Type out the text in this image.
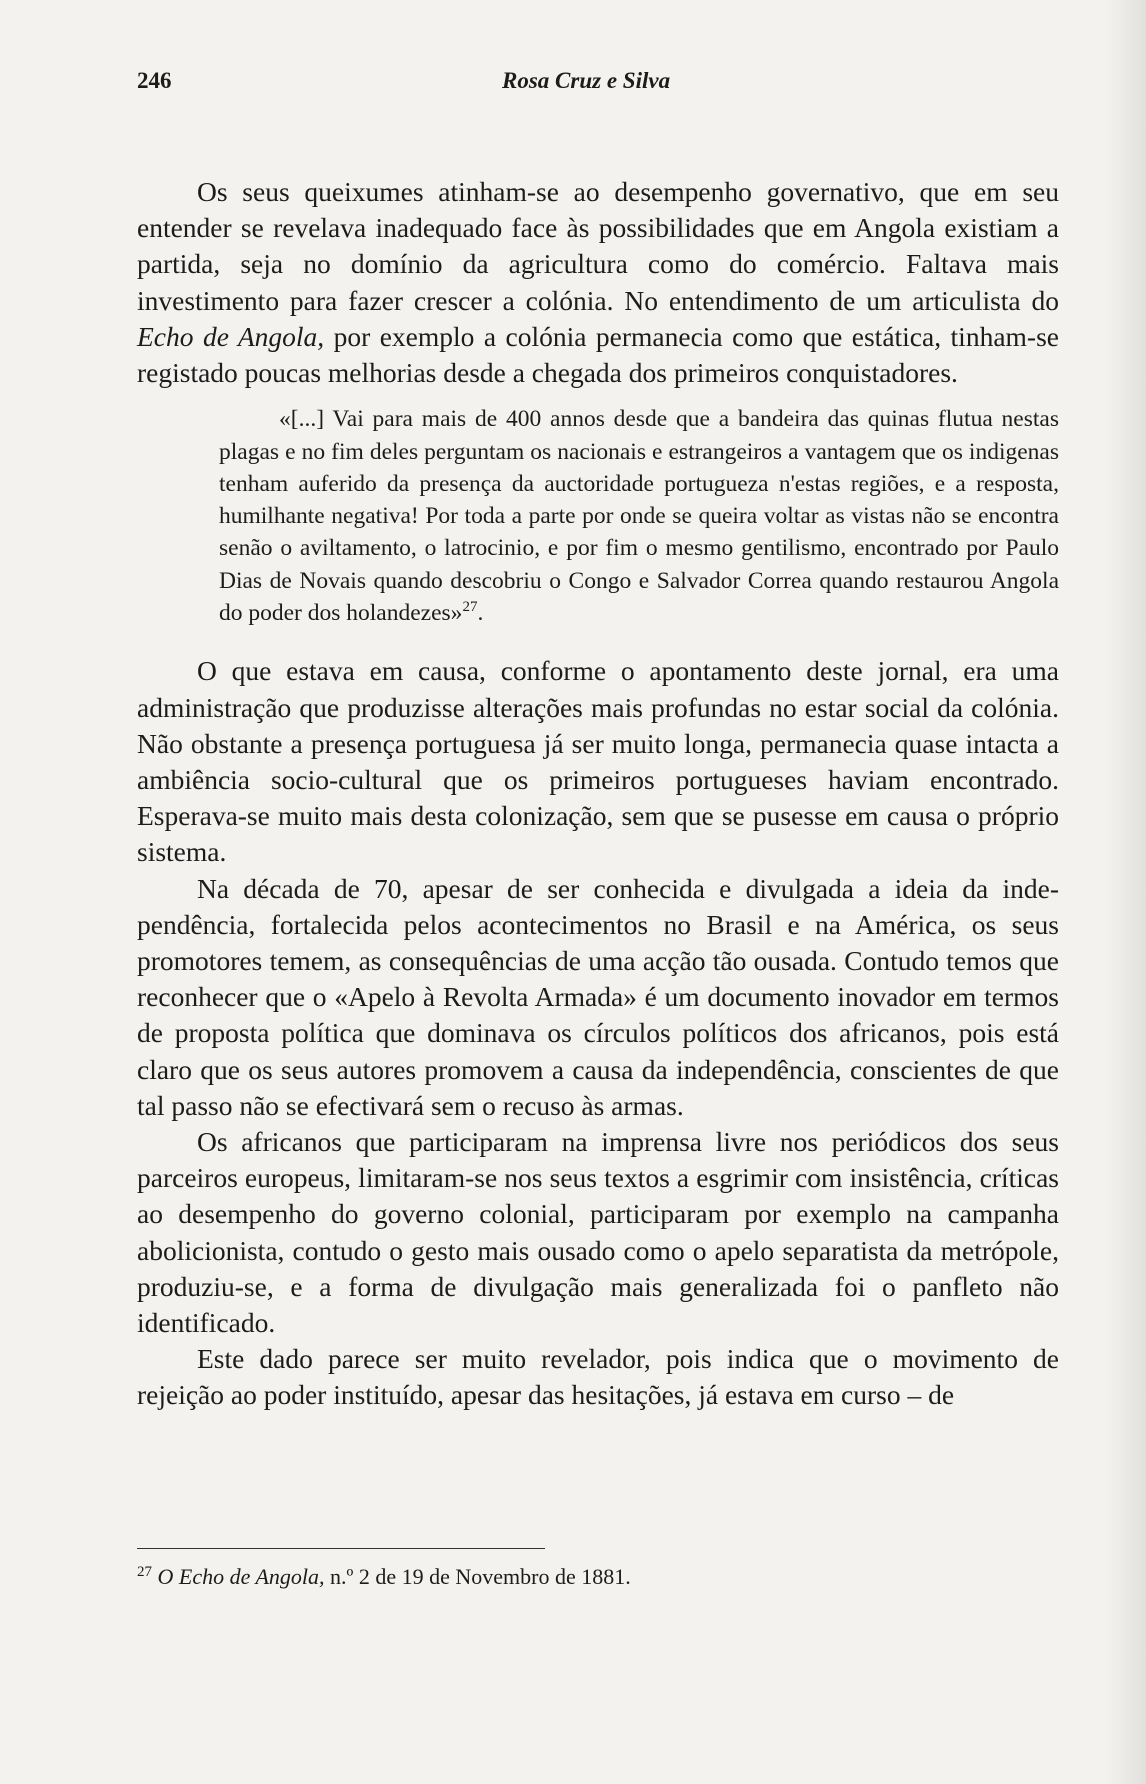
246	Rosa Cruz e Silva

Os seus queixumes atinham-se ao desempenho governativo, que em seu entender se revelava inadequado face às possibilidades que em Angola existiam a partida, seja no domínio da agricultura como do comércio. Faltava mais investimento para fazer crescer a colónia. No entendimento de um articulista do Echo de Angola, por exemplo a colónia permanecia como que estática, tinham-se registado poucas melhorias desde a chegada dos primeiros conquistadores.

«[...] Vai para mais de 400 annos desde que a bandeira das quinas flutua nestas plagas e no fim deles perguntam os nacionais e estrangeiros a vantagem que os indigenas tenham auferido da presença da auctoridade portugueza n'estas regiões, e a resposta, humilhante negativa! Por toda a parte por onde se queira voltar as vistas não se encontra senão o aviltamento, o latrocinio, e por fim o mesmo gentilismo, encontrado por Paulo Dias de Novais quando descobriu o Congo e Salvador Correa quando restaurou Angola do poder dos holandezes»$^{27}$.

O que estava em causa, conforme o apontamento deste jornal, era uma administração que produzisse alterações mais profundas no estar social da colónia. Não obstante a presença portuguesa já ser muito longa, permanecia quase intacta a ambiência socio-cultural que os primeiros portugueses haviam encontrado. Esperava-se muito mais desta colonização, sem que se pusesse em causa o próprio sistema.

Na década de 70, apesar de ser conhecida e divulgada a ideia da independência, fortalecida pelos acontecimentos no Brasil e na América, os seus promotores temem, as consequências de uma acção tão ousada. Contudo temos que reconhecer que o «Apelo à Revolta Armada» é um documento inovador em termos de proposta política que dominava os círculos políticos dos africanos, pois está claro que os seus autores promovem a causa da independência, conscientes de que tal passo não se efectivará sem o recuso às armas.

Os africanos que participaram na imprensa livre nos periódicos dos seus parceiros europeus, limitaram-se nos seus textos a esgrimir com insistência, críticas ao desempenho do governo colonial, participaram por exemplo na campanha abolicionista, contudo o gesto mais ousado como o apelo separatista da metrópole, produziu-se, e a forma de divulgação mais generalizada foi o panfleto não identificado.

Este dado parece ser muito revelador, pois indica que o movimento de rejeição ao poder instituído, apesar das hesitações, já estava em curso – de

$^{27}$ O Echo de Angola, n.º 2 de 19 de Novembro de 1881.
